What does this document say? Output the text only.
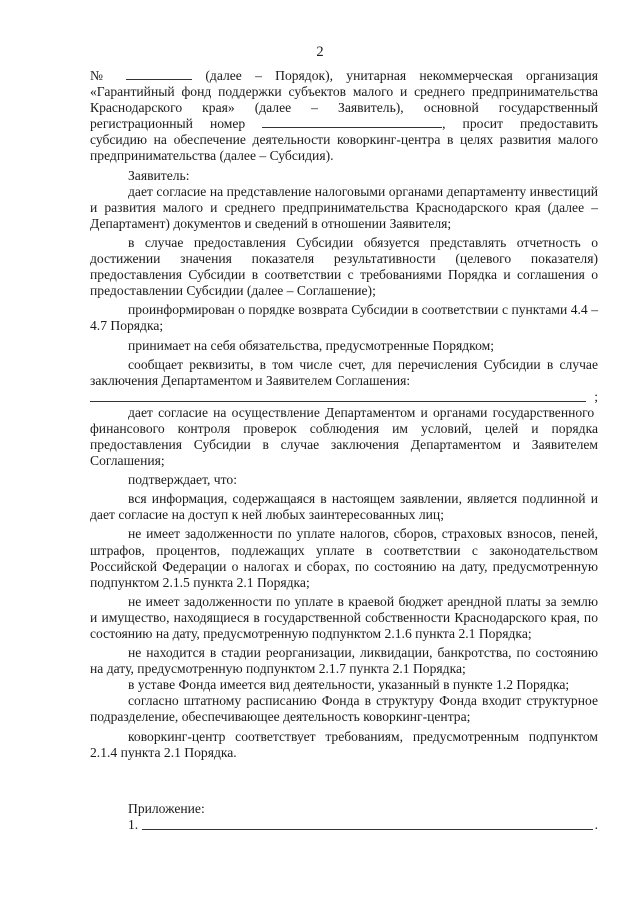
2

№	(далее – Порядок), унитарная некоммерческая организация «Гарантийный фонд поддержки субъектов малого и среднего предпринимательства Краснодарского края» (далее – Заявитель), основной государственный регистрационный номер	, просит предоставить субсидию на обеспечение деятельности коворкинг-центра в целях развития малого предпринимательства (далее – Субсидия).

Заявитель:

дает согласие на представление налоговыми органами департаменту инвестиций и развития малого и среднего предпринимательства Краснодарского края (далее – Департамент) документов и сведений в отношении Заявителя;

в случае предоставления Субсидии обязуется представлять отчетность о достижении значения показателя результативности (целевого показателя) предоставления Субсидии в соответствии с требованиями Порядка и соглашения о предоставлении Субсидии (далее – Соглашение);

проинформирован о порядке возврата Субсидии в соответствии с пунктами 4.4 – 4.7 Порядка;

принимает на себя обязательства, предусмотренные Порядком;

сообщает реквизиты, в том числе счет, для перечисления Субсидии в случае заключения Департаментом и Заявителем Соглашения:

;

дает согласие на осуществление Департаментом и органами государственного финансового контроля проверок соблюдения им условий, целей и порядка предоставления Субсидии в случае заключения Департаментом и Заявителем Соглашения;

подтверждает, что:

вся информация, содержащаяся в настоящем заявлении, является подлинной и дает согласие на доступ к ней любых заинтересованных лиц;

не имеет задолженности по уплате налогов, сборов, страховых взносов, пеней, штрафов, процентов, подлежащих уплате в соответствии с законодательством Российской Федерации о налогах и сборах, по состоянию на дату, предусмотренную подпунктом 2.1.5 пункта 2.1 Порядка;

не имеет задолженности по уплате в краевой бюджет арендной платы за землю и имущество, находящиеся в государственной собственности Краснодарского края, по состоянию на дату, предусмотренную подпунктом 2.1.6 пункта 2.1 Порядка;

не находится в стадии реорганизации, ликвидации, банкротства, по состоянию на дату, предусмотренную подпунктом 2.1.7 пункта 2.1 Порядка;

в уставе Фонда имеется вид деятельности, указанный в пункте 1.2 Порядка;

согласно штатному расписанию Фонда в структуру Фонда входит структурное подразделение, обеспечивающее деятельность коворкинг-центра;

коворкинг-центр соответствует требованиям, предусмотренным подпунктом 2.1.4 пункта 2.1 Порядка.

Приложение:
1.	.
